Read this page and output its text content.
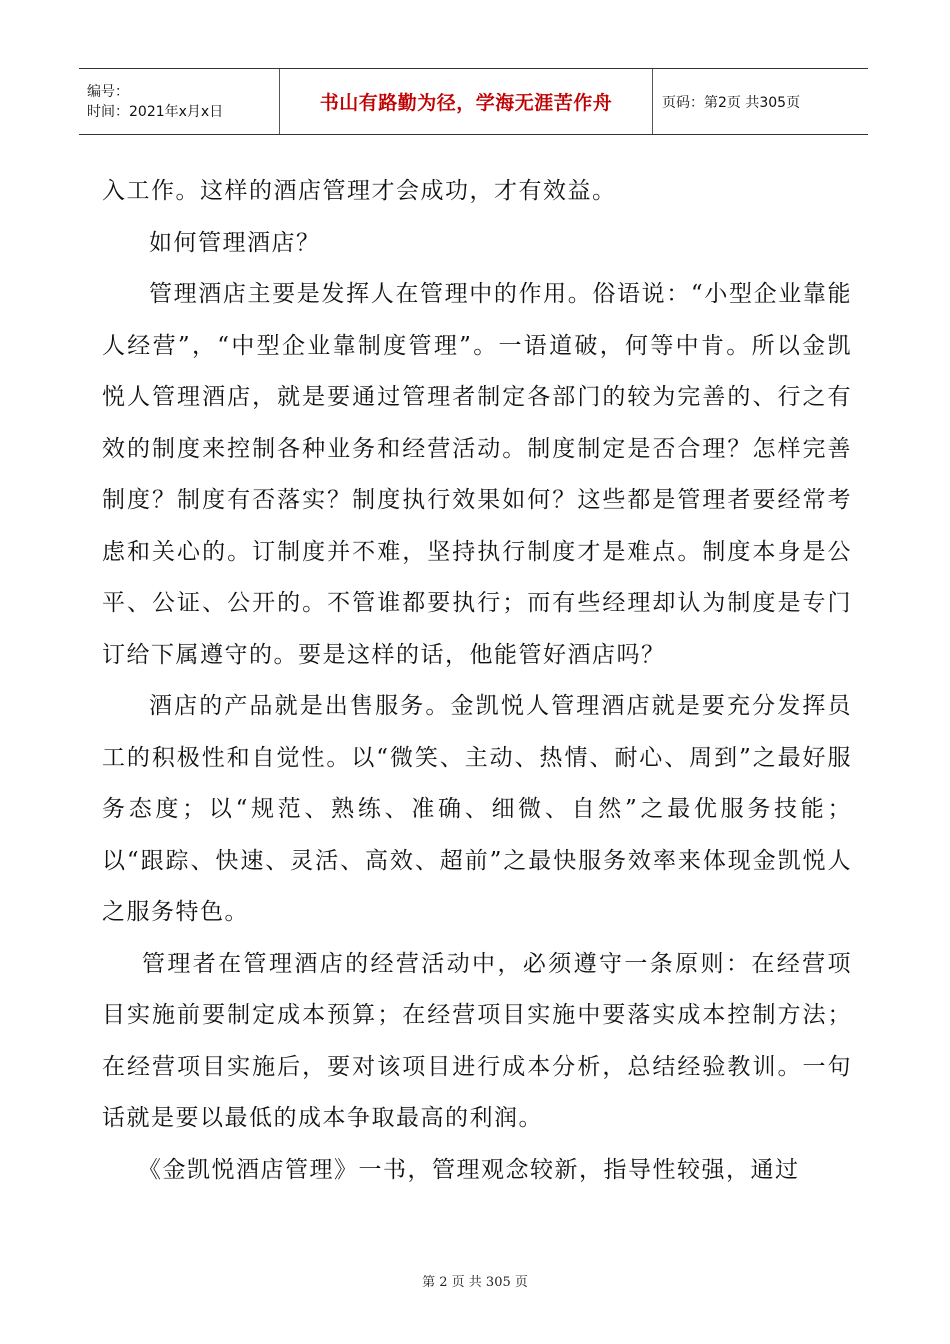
编号：
时间：2021年x月x日	书山有路勤为径，学海无涯苦作舟	页码：第2页 共305页

入工作。这样的酒店管理才会成功，才有效益。

如何管理酒店？

管理酒店主要是发挥人在管理中的作用。俗语说：“小型企业靠能人经营”，“中型企业靠制度管理”。一语道破，何等中肯。所以金凯悦人管理酒店，就是要通过管理者制定各部门的较为完善的、行之有效的制度来控制各种业务和经营活动。制度制定是否合理？怎样完善制度？制度有否落实？制度执行效果如何？这些都是管理者要经常考虑和关心的。订制度并不难，坚持执行制度才是难点。制度本身是公平、公证、公开的。不管谁都要执行；而有些经理却认为制度是专门订给下属遵守的。要是这样的话，他能管好酒店吗？

酒店的产品就是出售服务。金凯悦人管理酒店就是要充分发挥员工的积极性和自觉性。以“微笑、主动、热情、耐心、周到”之最好服务态度；以“规范、熟练、准确、细微、自然”之最优服务技能；以“跟踪、快速、灵活、高效、超前”之最快服务效率来体现金凯悦人之服务特色。

管理者在管理酒店的经营活动中，必须遵守一条原则：在经营项目实施前要制定成本预算；在经营项目实施中要落实成本控制方法；在经营项目实施后，要对该项目进行成本分析，总结经验教训。一句话就是要以最低的成本争取最高的利润。

《金凯悦酒店管理》一书，管理观念较新，指导性较强，通过

第 2 页 共 305 页
